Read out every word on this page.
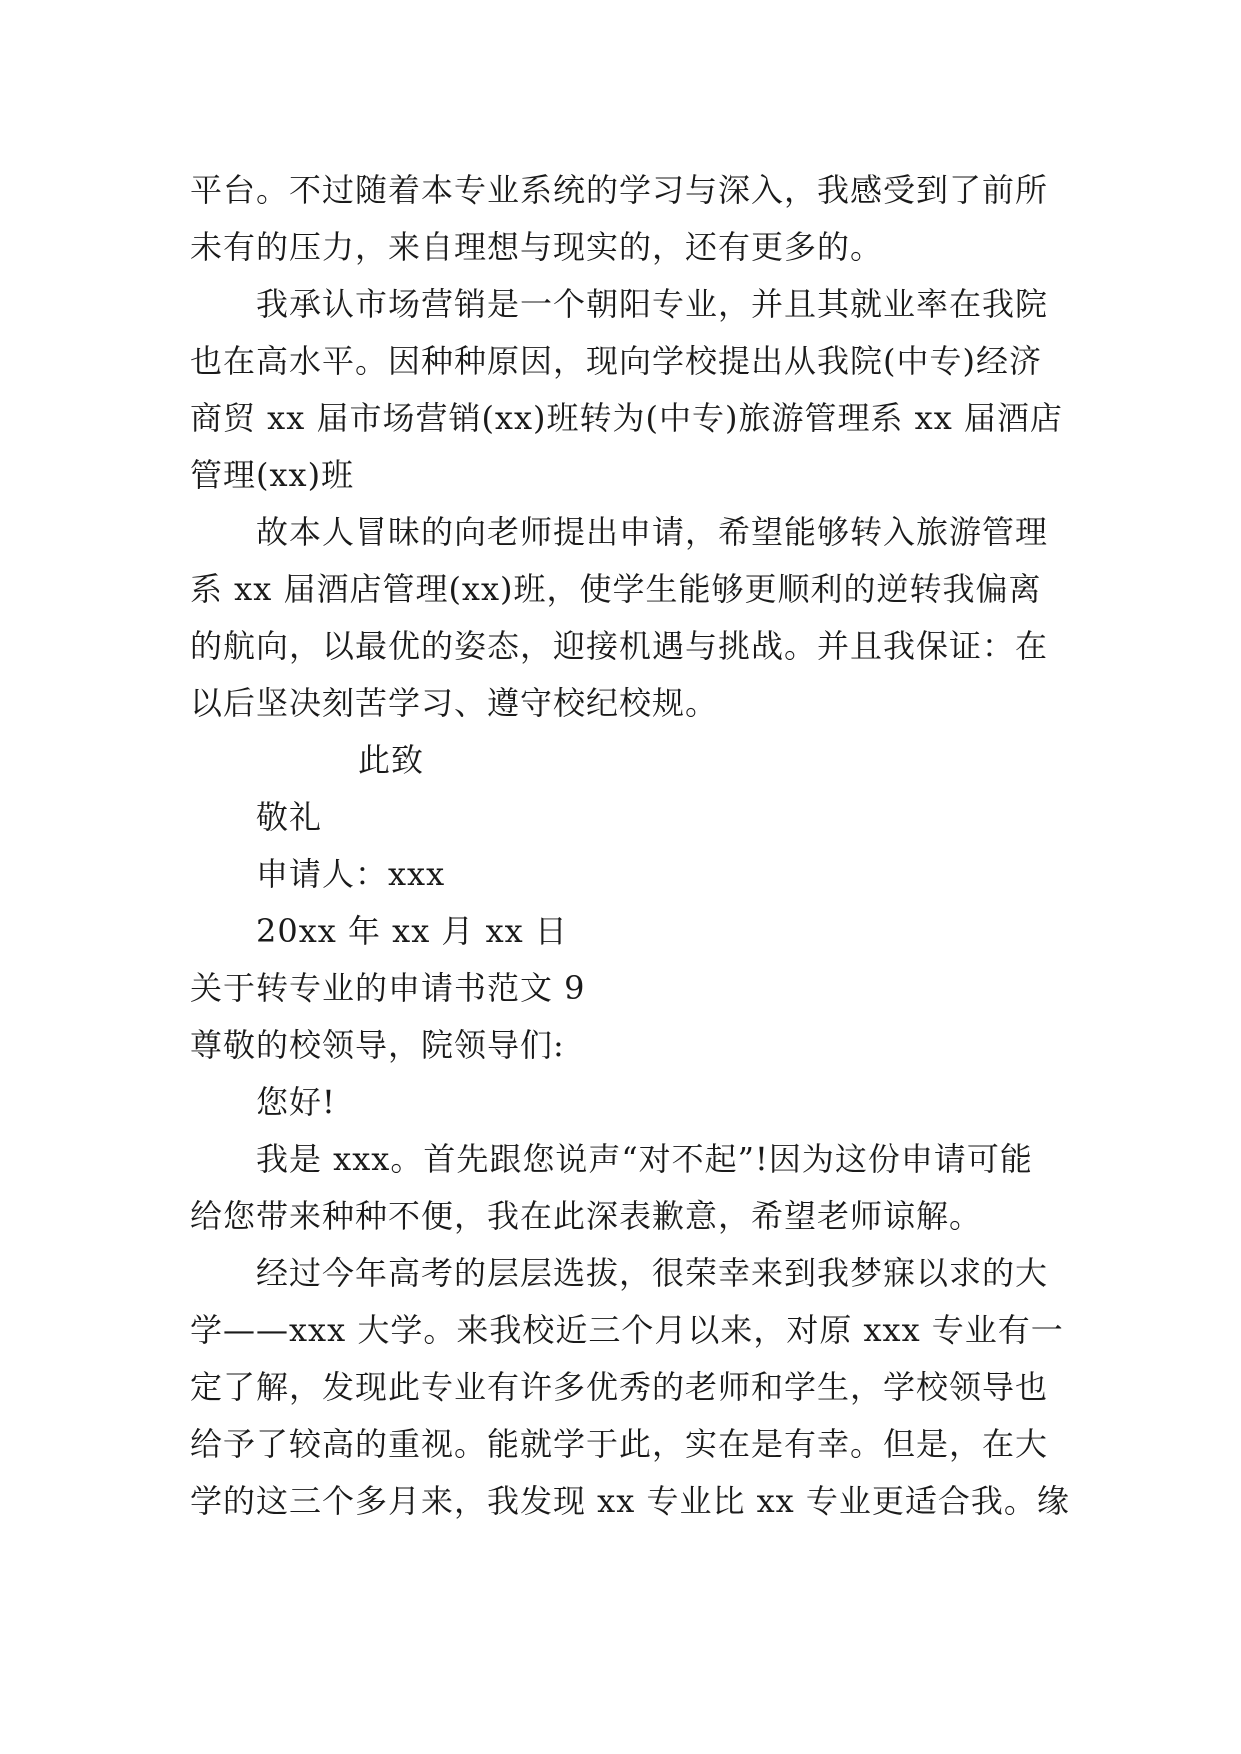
平台。不过随着本专业系统的学习与深入，我感受到了前所
未有的压力，来自理想与现实的，还有更多的。
我承认市场营销是一个朝阳专业，并且其就业率在我院
也在高水平。因种种原因，现向学校提出从我院(中专)经济
商贸 xx 届市场营销(xx)班转为(中专)旅游管理系 xx 届酒店
管理(xx)班
故本人冒昧的向老师提出申请，希望能够转入旅游管理
系 xx 届酒店管理(xx)班，使学生能够更顺利的逆转我偏离
的航向，以最优的姿态，迎接机遇与挑战。并且我保证：在
以后坚决刻苦学习、遵守校纪校规。
此致
敬礼
申请人：xxx
20xx 年 xx 月 xx 日
关于转专业的申请书范文 9
尊敬的校领导，院领导们:
您好!
我是 xxx。首先跟您说声“对不起”!因为这份申请可能
给您带来种种不便，我在此深表歉意，希望老师谅解。
经过今年高考的层层选拔，很荣幸来到我梦寐以求的大
学——xxx 大学。来我校近三个月以来，对原 xxx 专业有一
定了解，发现此专业有许多优秀的老师和学生，学校领导也
给予了较高的重视。能就学于此，实在是有幸。但是，在大
学的这三个多月来，我发现 xx 专业比 xx 专业更适合我。缘
